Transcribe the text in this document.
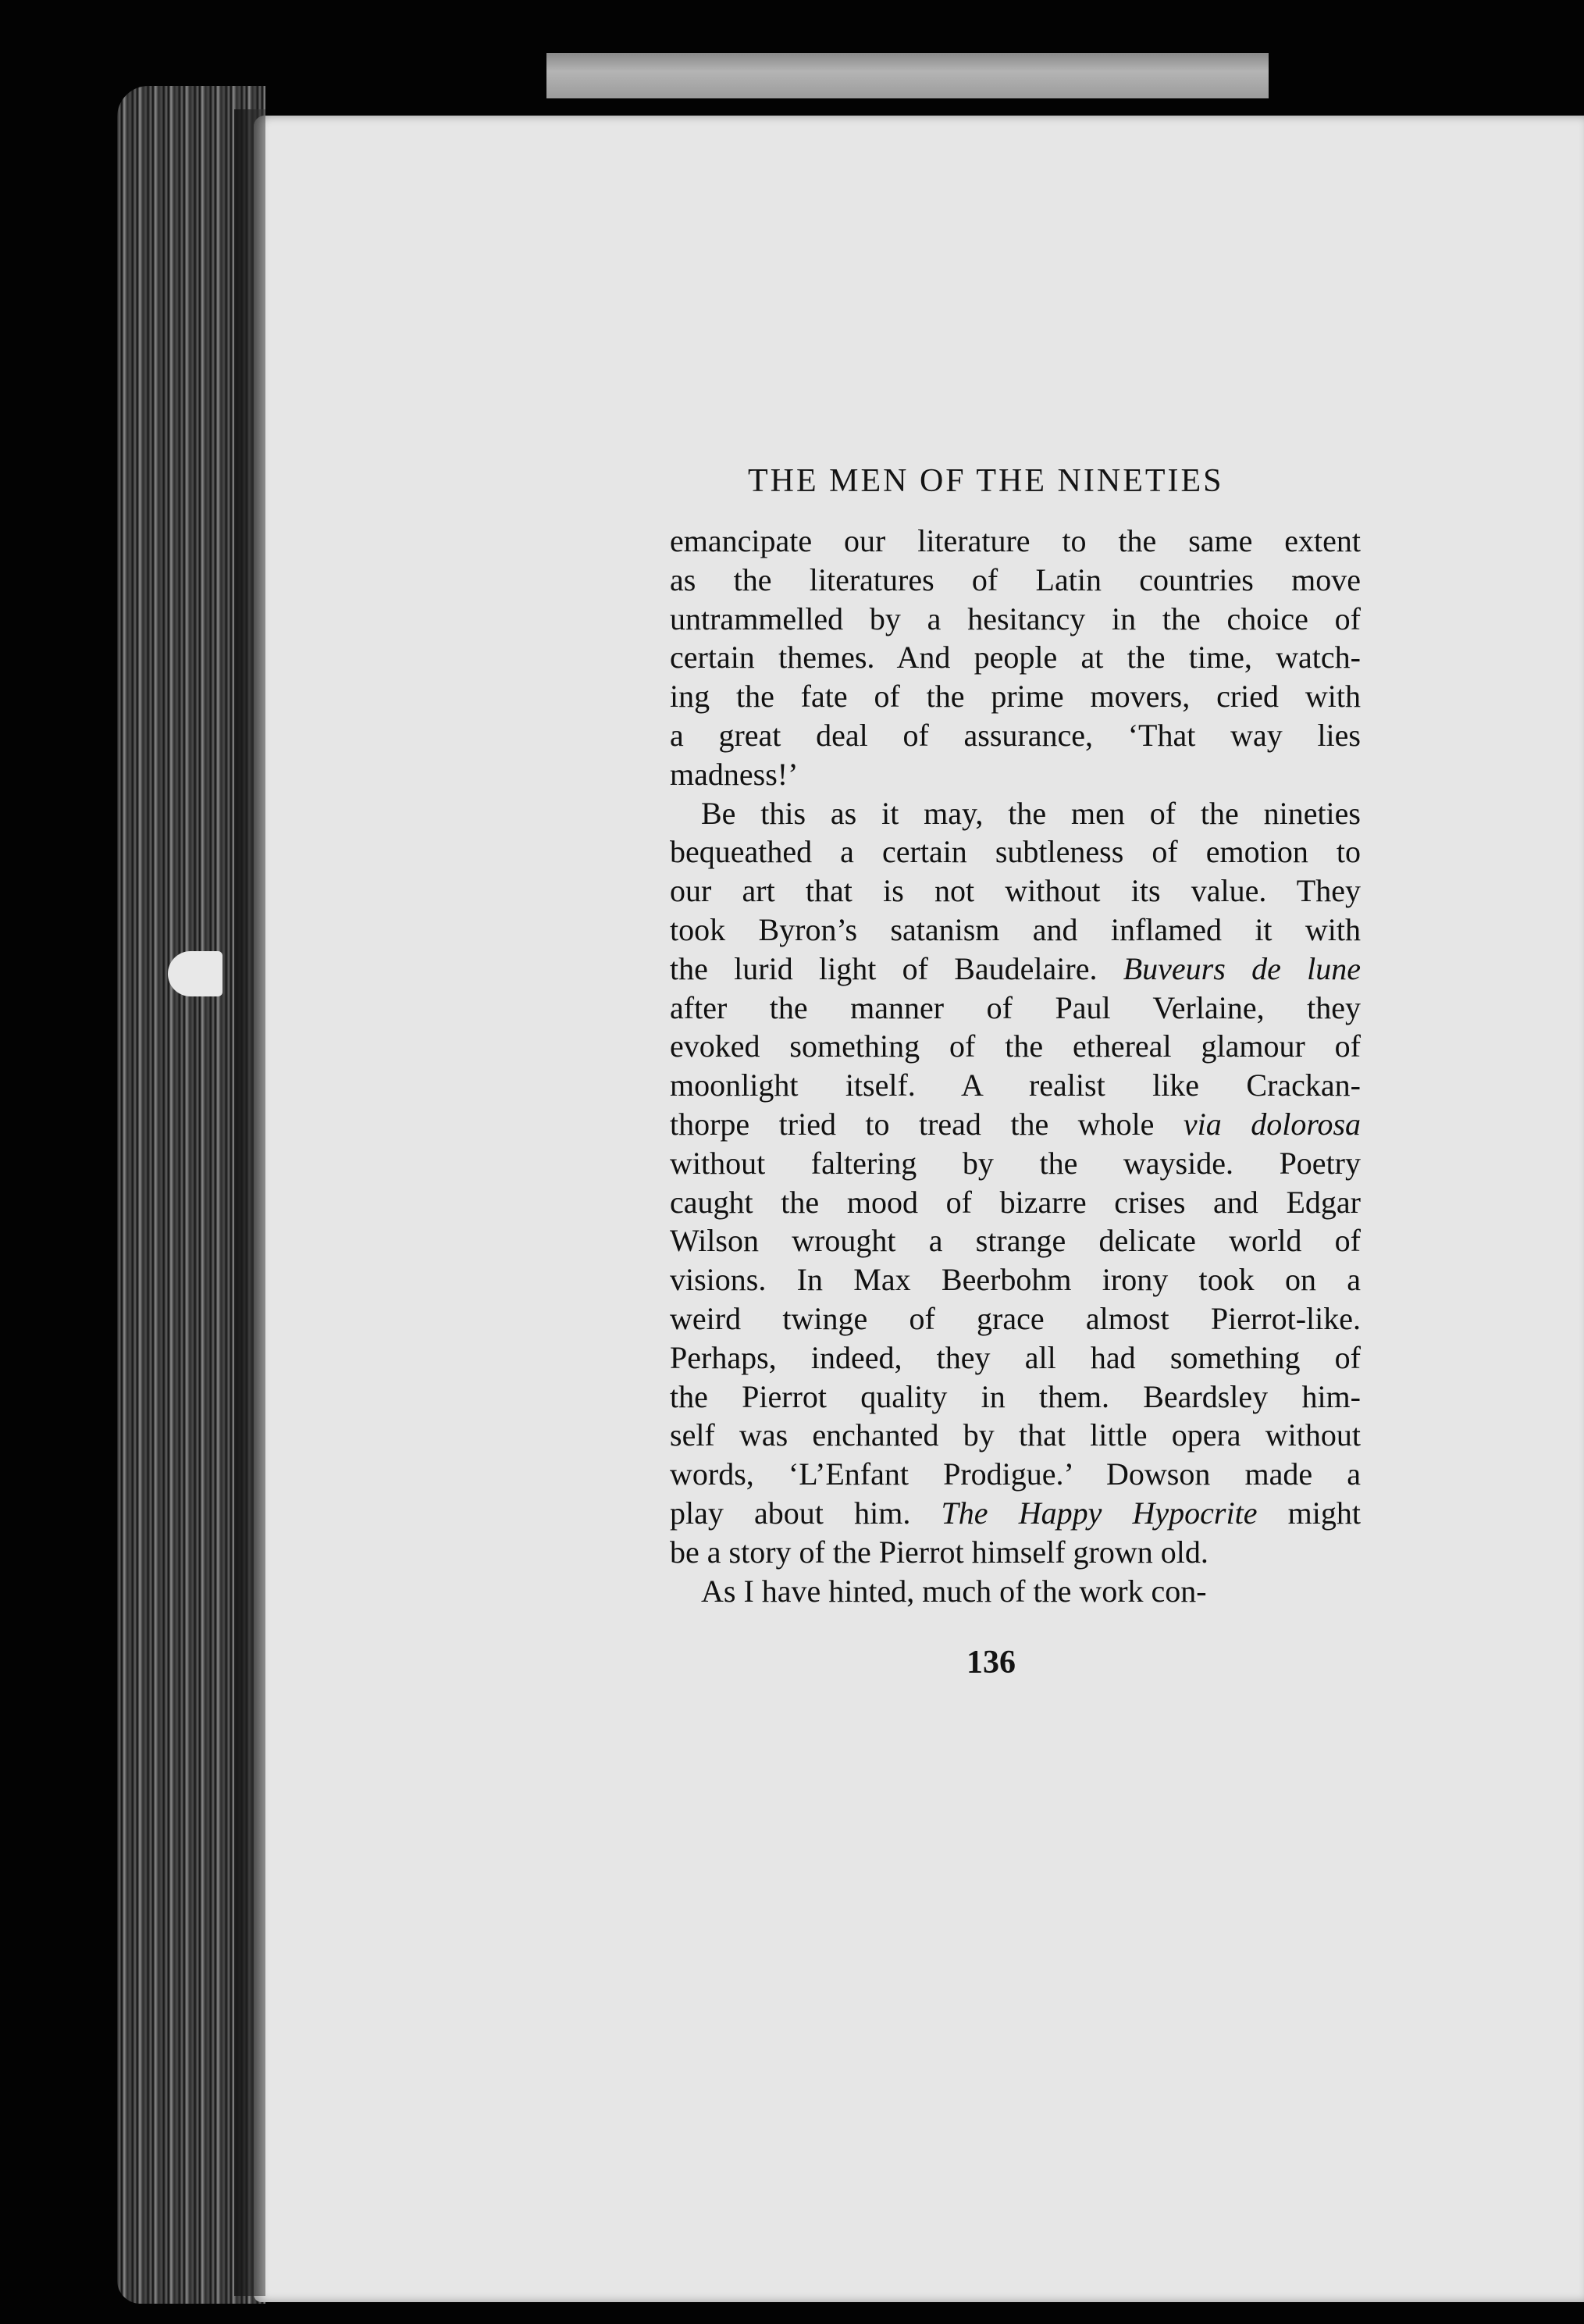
THE MEN OF THE NINETIES
emancipate our literature to the same extent
as the literatures of Latin countries move
untrammelled by a hesitancy in the choice of
certain themes. And people at the time, watch-
ing the fate of the prime movers, cried with
a great deal of assurance, ‘That way lies
madness!’
Be this as it may, the men of the nineties
bequeathed a certain subtleness of emotion to
our art that is not without its value. They
took Byron’s satanism and inflamed it with
the lurid light of Baudelaire. Buveurs de lune
after the manner of Paul Verlaine, they
evoked something of the ethereal glamour of
moonlight itself. A realist like Crackan-
thorpe tried to tread the whole via dolorosa
without faltering by the wayside. Poetry
caught the mood of bizarre crises and Edgar
Wilson wrought a strange delicate world of
visions. In Max Beerbohm irony took on a
weird twinge of grace almost Pierrot-like.
Perhaps, indeed, they all had something of
the Pierrot quality in them. Beardsley him-
self was enchanted by that little opera without
words, ‘L’Enfant Prodigue.’ Dowson made a
play about him. The Happy Hypocrite might
be a story of the Pierrot himself grown old.
As I have hinted, much of the work con-
136
